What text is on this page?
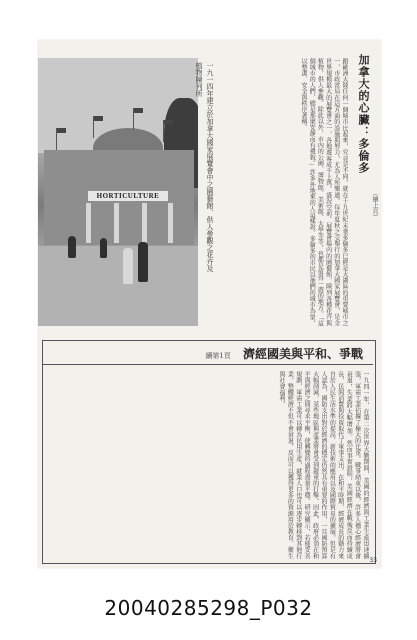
HORTICULTURE	一九一四年建立於加拿大國家展覽會中之園藝館、供人參觀之花卉及植物陳列所	跟歐洲大陸任何一個城市比起來，究竟是不同。就在十九世紀末葉多倫多已經是大湖區的重要城市之一，市政當局在這方面的設施與努力，尤為人所樂道。每年夏秋之交舉行的加拿大國家展覽會，是全世界規模最大的展覽會之一，各地遊客成千上萬，盛況空前。展覽會場內的園藝館，陳列各種花卉與植物，供人參觀。除此以外，市內的公園、博物館、美術館、大學等等，也都是值得一遊的地方。「這個城市的人們，總是那麼安靜而有禮貌。」許多外地來的人這樣說。多倫多的市民以他們的城市為榮，以整潔、安全與秩序著稱。	加拿大的心臟：多倫多
（續上頁）
續第1頁 濟經國美與平和、爭戰
一九四一年，在第二次世界大戰期間，美國的經濟與工業生產迅速擴張，軍需工業佔據了極大的比重。戰爭結束以後，許多人擔心經濟將會衰退，失業將大幅增加。然而事實證明，美國經濟在戰後反而持續成長，民間消費與投資取代了軍事支出。在和平時期，經濟成長的動力來自於人民生活水準的提高、新技術的應用以及國際貿易的擴展。但是有人認為，國防支出對於經濟的穩定仍然具有重要的作用，一旦國防預算大幅削減，某些地區與產業將會受到嚴重的打擊。因此，政府必須在和平與經濟之間尋求平衡，使轉變的過程盡量平穩。研究顯示，若能妥善規劃，軍需工業可以轉為民用生產，就業人口也可以逐步轉移到其他行業，整體經濟不但不會衰退，反而可以獲得更多的資源用於教育、衛生與社會福利。
33
20040285298_P032
